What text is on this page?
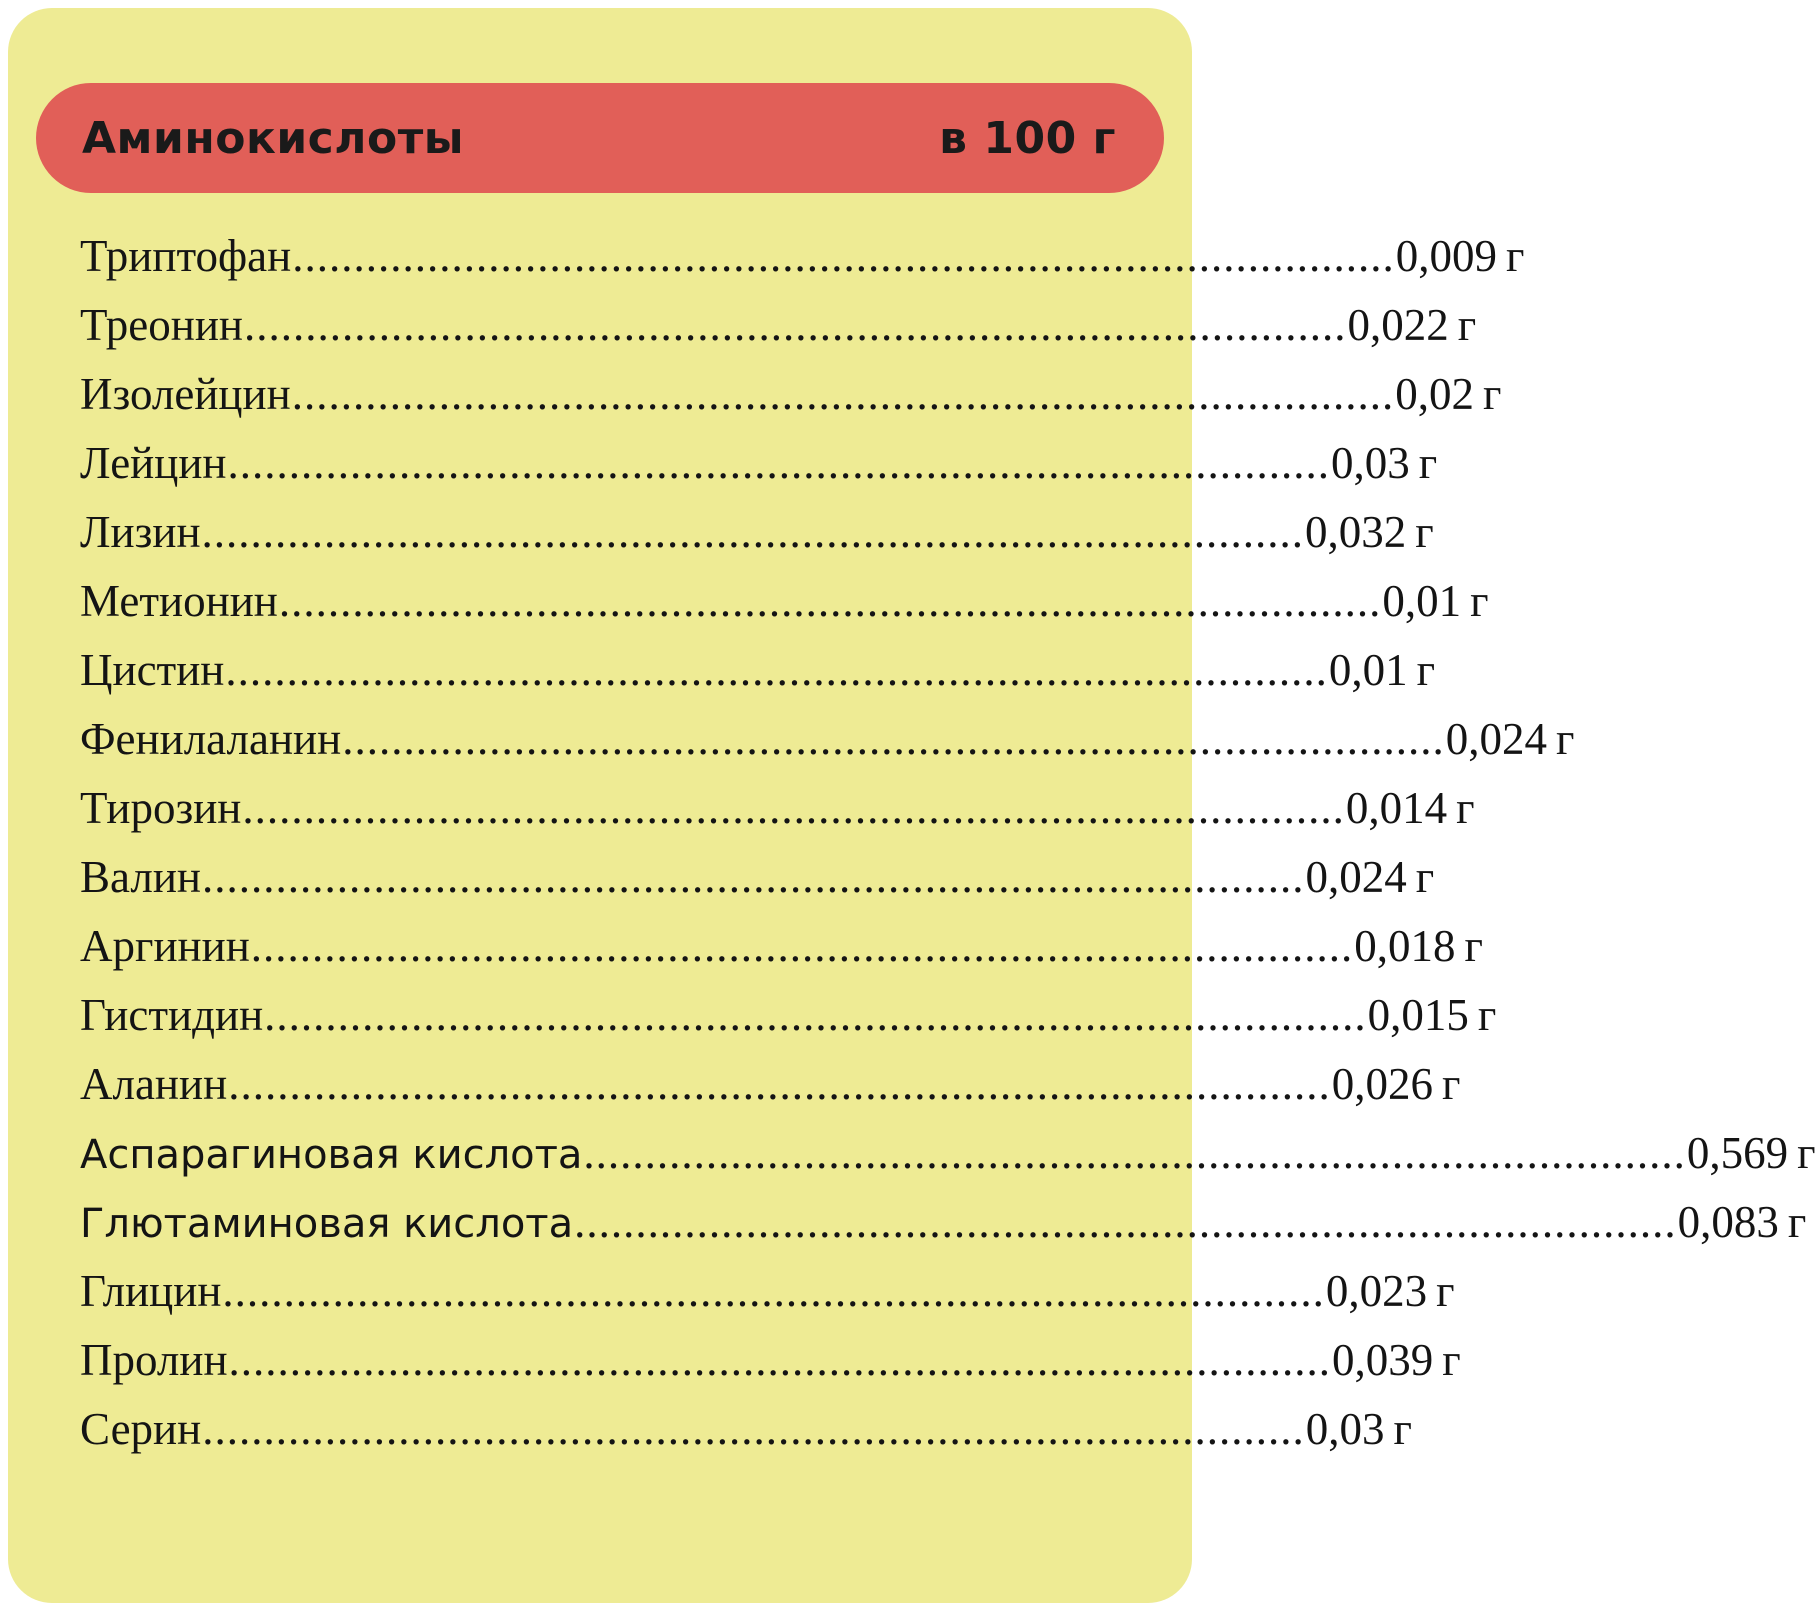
Аминокислоты	в 100 г
Триптофан .......................................................................................... 0,009 г
Треонин .......................................................................................... 0,022 г
Изолейцин .......................................................................................... 0,02 г
Лейцин .......................................................................................... 0,03 г
Лизин .......................................................................................... 0,032 г
Метионин .......................................................................................... 0,01 г
Цистин .......................................................................................... 0,01 г
Фенилаланин .......................................................................................... 0,024 г
Тирозин .......................................................................................... 0,014 г
Валин .......................................................................................... 0,024 г
Аргинин .......................................................................................... 0,018 г
Гистидин .......................................................................................... 0,015 г
Аланин .......................................................................................... 0,026 г
Аспарагиновая кислота .......................................................................................... 0,569 г
Глютаминовая кислота .......................................................................................... 0,083 г
Глицин .......................................................................................... 0,023 г
Пролин .......................................................................................... 0,039 г
Серин .......................................................................................... 0,03 г
